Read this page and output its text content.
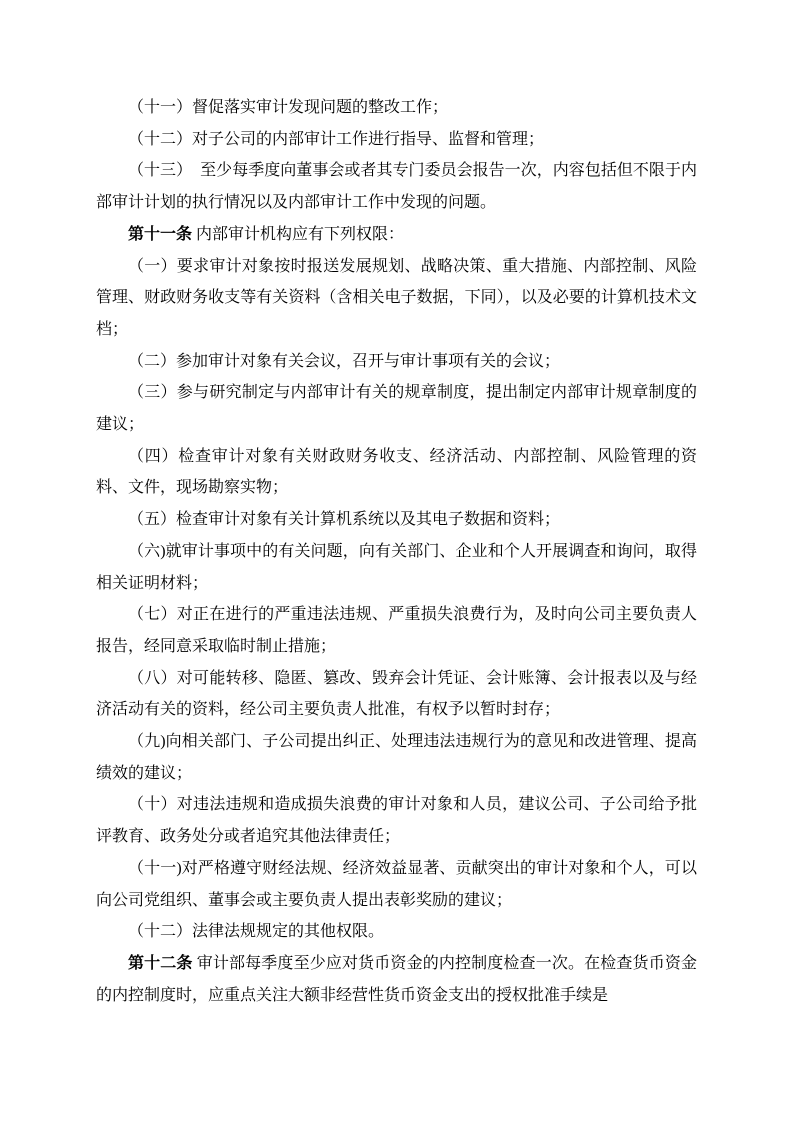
（十一）督促落实审计发现问题的整改工作；

（十二）对子公司的内部审计工作进行指导、监督和管理；

（十三）　至少每季度向董事会或者其专门委员会报告一次，内容包括但不限于内部审计计划的执行情况以及内部审计工作中发现的问题。

第十一条 内部审计机构应有下列权限：

（一）要求审计对象按时报送发展规划、战略决策、重大措施、内部控制、风险管理、财政财务收支等有关资料（含相关电子数据，下同），以及必要的计算机技术文档；

（二）参加审计对象有关会议，召开与审计事项有关的会议；

（三）参与研究制定与内部审计有关的规章制度，提出制定内部审计规章制度的建议；

（四）检查审计对象有关财政财务收支、经济活动、内部控制、风险管理的资料、文件，现场勘察实物；

（五）检查审计对象有关计算机系统以及其电子数据和资料；

（六)就审计事项中的有关问题，向有关部门、企业和个人开展调查和询问，取得相关证明材料；

（七）对正在进行的严重违法违规、严重损失浪费行为，及时向公司主要负责人报告，经同意采取临时制止措施；

（八）对可能转移、隐匿、篡改、毁弃会计凭证、会计账簿、会计报表以及与经济活动有关的资料，经公司主要负责人批准，有权予以暂时封存；

（九)向相关部门、子公司提出纠正、处理违法违规行为的意见和改进管理、提高绩效的建议；

（十）对违法违规和造成损失浪费的审计对象和人员，建议公司、子公司给予批评教育、政务处分或者追究其他法律责任；

（十一)对严格遵守财经法规、经济效益显著、贡献突出的审计对象和个人，可以向公司党组织、董事会或主要负责人提出表彰奖励的建议；

（十二）法律法规规定的其他权限。

第十二条 审计部每季度至少应对货币资金的内控制度检查一次。在检查货币资金的内控制度时，应重点关注大额非经营性货币资金支出的授权批准手续是
